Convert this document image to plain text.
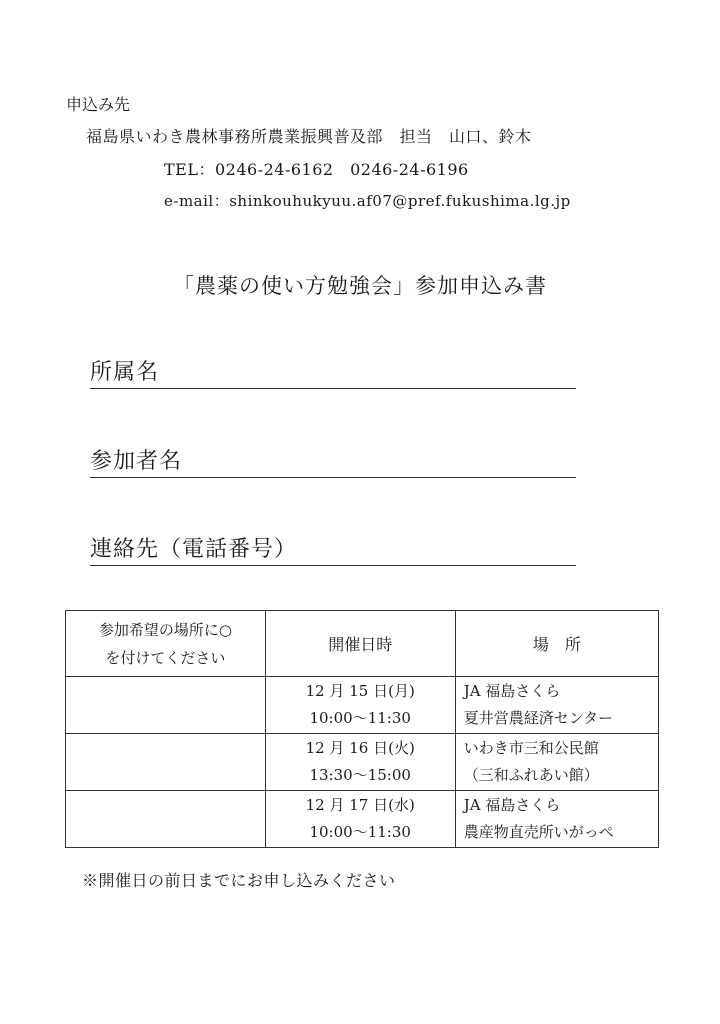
申込み先
福島県いわき農林事務所農業振興普及部　担当　山口、鈴木
TEL：0246-24-6162　0246-24-6196
e-mail：shinkouhukyuu.af07@pref.fukushima.lg.jp
「農薬の使い方勉強会」参加申込み書
所属名
参加者名
連絡先（電話番号）
参加希望の場所に○
を付けてください	開催日時	場　所

	12 月 15 日(月)
10:00～11:30	JA 福島さくら
夏井営農経済センター

	12 月 16 日(火)
13:30～15:00	いわき市三和公民館
（三和ふれあい館）

	12 月 17 日(水)
10:00～11:30	JA 福島さくら
農産物直売所いがっぺ
※開催日の前日までにお申し込みください
